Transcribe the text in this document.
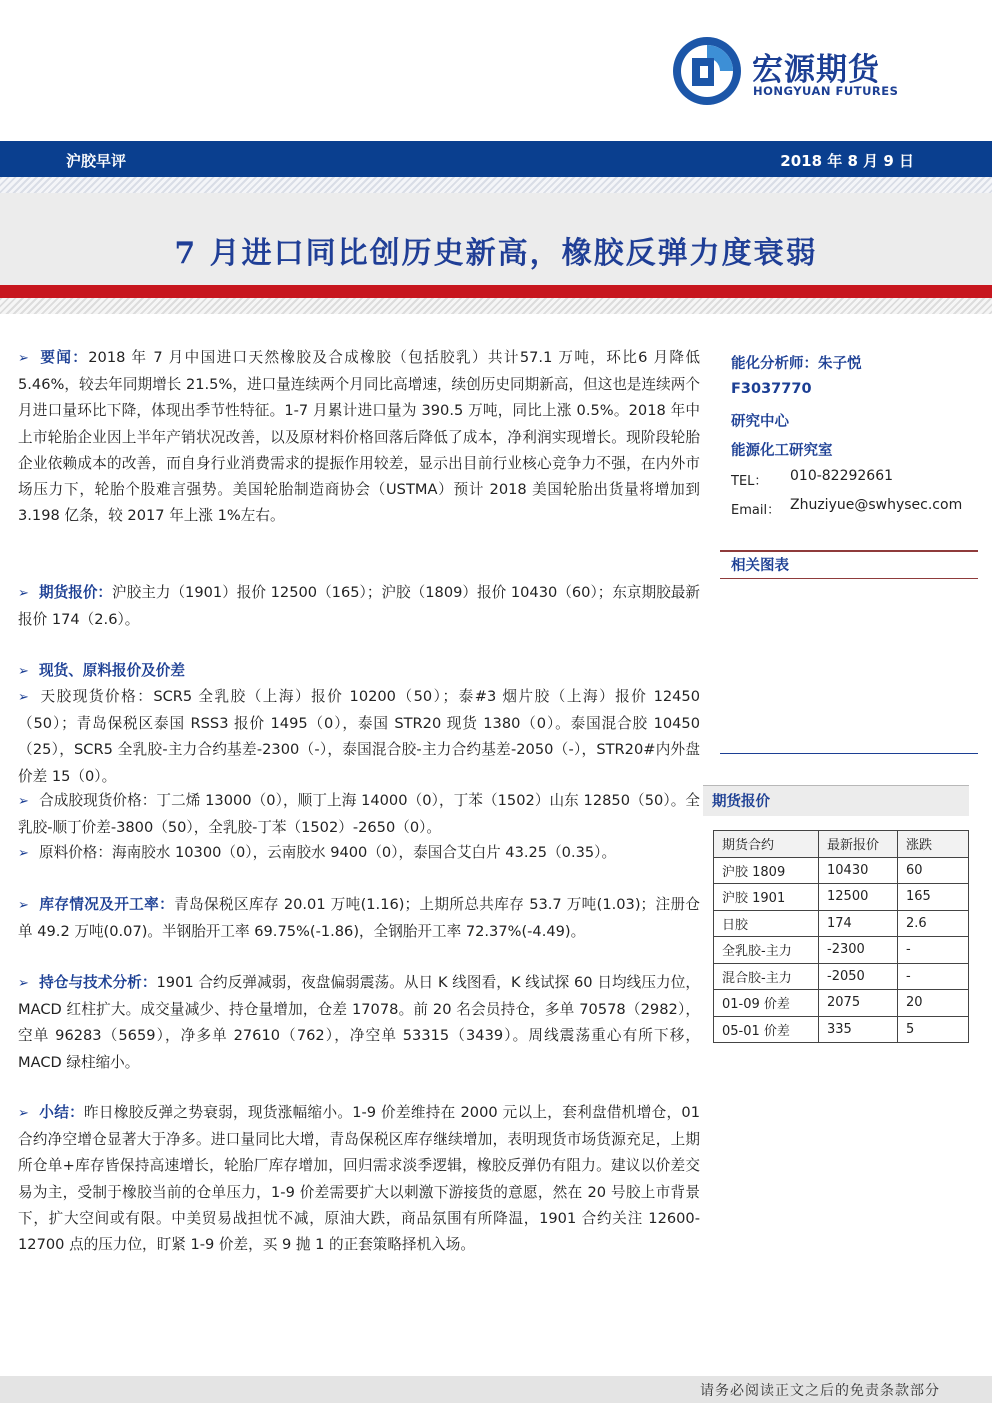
宏源期货
HONGYUAN FUTURES
沪胶早评	2018 年 8 月 9 日
7 月进口同比创历史新高，橡胶反弹力度衰弱
➢ 要闻：2018 年 7 月中国进口天然橡胶及合成橡胶（包括胶乳）共计57.1 万吨，环比6 月降低5.46%，较去年同期增长 21.5%，进口量连续两个月同比高增速，续创历史同期新高，但这也是连续两个月进口量环比下降，体现出季节性特征。1-7 月累计进口量为 390.5 万吨，同比上涨 0.5%。2018 年中上市轮胎企业因上半年产销状况改善，以及原材料价格回落后降低了成本，净利润实现增长。现阶段轮胎企业依赖成本的改善，而自身行业消费需求的提振作用较差，显示出目前行业核心竞争力不强，在内外市场压力下，轮胎个股难言强势。美国轮胎制造商协会（USTMA）预计 2018 美国轮胎出货量将增加到 3.198 亿条，较 2017 年上涨 1%左右。
➢ 期货报价：沪胶主力（1901）报价 12500（165）；沪胶（1809）报价 10430（60）；东京期胶最新报价 174（2.6）。
➢ 现货、原料报价及价差
➢ 天胶现货价格：SCR5 全乳胶（上海）报价 10200（50）；泰#3 烟片胶（上海）报价 12450（50）；青岛保税区泰国 RSS3 报价 1495（0），泰国 STR20 现货 1380（0）。泰国混合胶 10450（25），SCR5 全乳胶-主力合约基差-2300（-），泰国混合胶-主力合约基差-2050（-），STR20#内外盘价差 15（0）。
➢ 合成胶现货价格：丁二烯 13000（0），顺丁上海 14000（0），丁苯（1502）山东 12850（50）。全乳胶-顺丁价差-3800（50），全乳胶-丁苯（1502）-2650（0）。
➢ 原料价格：海南胶水 10300（0），云南胶水 9400（0），泰国合艾白片 43.25（0.35）。
➢ 库存情况及开工率：青岛保税区库存 20.01 万吨(1.16)；上期所总共库存 53.7 万吨(1.03)；注册仓单 49.2 万吨(0.07)。半钢胎开工率 69.75%(-1.86)，全钢胎开工率 72.37%(-4.49)。
➢ 持仓与技术分析：1901 合约反弹减弱，夜盘偏弱震荡。从日 K 线图看，K 线试探 60 日均线压力位，MACD 红柱扩大。成交量减少、持仓量增加，仓差 17078。前 20 名会员持仓，多单 70578（2982），空单 96283（5659），净多单 27610（762），净空单 53315（3439）。周线震荡重心有所下移，MACD 绿柱缩小。
➢ 小结：昨日橡胶反弹之势衰弱，现货涨幅缩小。1-9 价差维持在 2000 元以上，套利盘借机增仓，01 合约净空增仓显著大于净多。进口量同比大增，青岛保税区库存继续增加，表明现货市场货源充足，上期所仓单+库存皆保持高速增长，轮胎厂库存增加，回归需求淡季逻辑，橡胶反弹仍有阻力。建议以价差交易为主，受制于橡胶当前的仓单压力，1-9 价差需要扩大以刺激下游接货的意愿，然在 20 号胶上市背景下，扩大空间或有限。中美贸易战担忧不减，原油大跌，商品氛围有所降温，1901 合约关注 12600-12700 点的压力位，盯紧 1-9 价差，买 9 抛 1 的正套策略择机入场。
能化分析师：朱子悦
F3037770
研究中心
能源化工研究室
TEL： 010-82292661
Email： Zhuziyue@swhysec.com
相关图表
期货报价
期货合约	最新报价	涨跌
沪胶 1809	10430	60
沪胶 1901	12500	165
日胶	174	2.6
全乳胶-主力	-2300	-
混合胶-主力	-2050	-
01-09 价差	2075	20
05-01 价差	335	5
请务必阅读正文之后的免责条款部分
